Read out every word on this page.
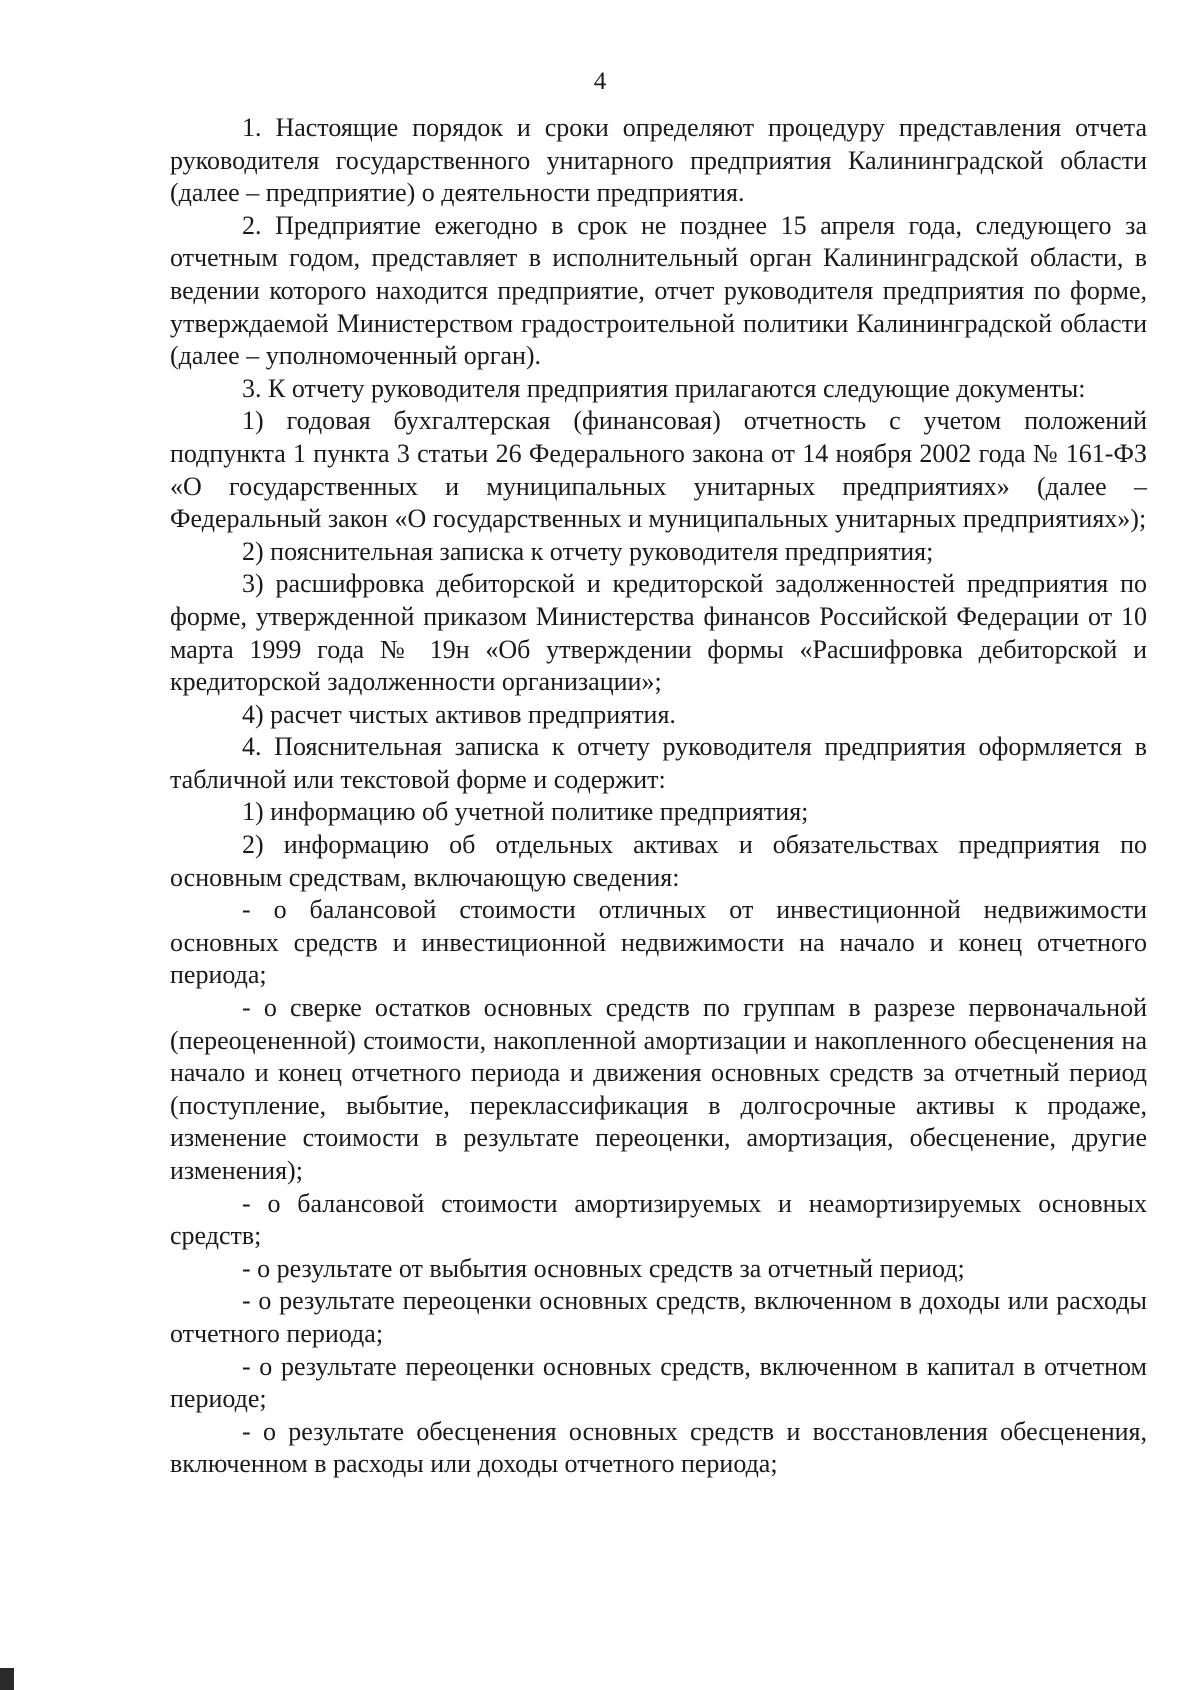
4

1. Настоящие порядок и сроки определяют процедуру представления отчета руководителя государственного унитарного предприятия Калининградской области (далее – предприятие) о деятельности предприятия.

2. Предприятие ежегодно в срок не позднее 15 апреля года, следующего за отчетным годом, представляет в исполнительный орган Калининградской области, в ведении которого находится предприятие, отчет руководителя предприятия по форме, утверждаемой Министерством градостроительной политики Калининградской области (далее – уполномоченный орган).

3. К отчету руководителя предприятия прилагаются следующие документы:

1) годовая бухгалтерская (финансовая) отчетность с учетом положений подпункта 1 пункта 3 статьи 26 Федерального закона от 14 ноября 2002 года № 161-ФЗ «О государственных и муниципальных унитарных предприятиях» (далее – Федеральный закон «О государственных и муниципальных унитарных предприятиях»);

2) пояснительная записка к отчету руководителя предприятия;

3) расшифровка дебиторской и кредиторской задолженностей предприятия по форме, утвержденной приказом Министерства финансов Российской Федерации от 10 марта 1999 года № 19н «Об утверждении формы «Расшифровка дебиторской и кредиторской задолженности организации»;

4) расчет чистых активов предприятия.

4. Пояснительная записка к отчету руководителя предприятия оформляется в табличной или текстовой форме и содержит:

1) информацию об учетной политике предприятия;

2) информацию об отдельных активах и обязательствах предприятия по основным средствам, включающую сведения:

- о балансовой стоимости отличных от инвестиционной недвижимости основных средств и инвестиционной недвижимости на начало и конец отчетного периода;

- о сверке остатков основных средств по группам в разрезе первоначальной (переоцененной) стоимости, накопленной амортизации и накопленного обесценения на начало и конец отчетного периода и движения основных средств за отчетный период (поступление, выбытие, переклассификация в долгосрочные активы к продаже, изменение стоимости в результате переоценки, амортизация, обесценение, другие изменения);

- о балансовой стоимости амортизируемых и неамортизируемых основных средств;

- о результате от выбытия основных средств за отчетный период;

- о результате переоценки основных средств, включенном в доходы или расходы отчетного периода;

- о результате переоценки основных средств, включенном в капитал в отчетном периоде;

- о результате обесценения основных средств и восстановления обесценения, включенном в расходы или доходы отчетного периода;
